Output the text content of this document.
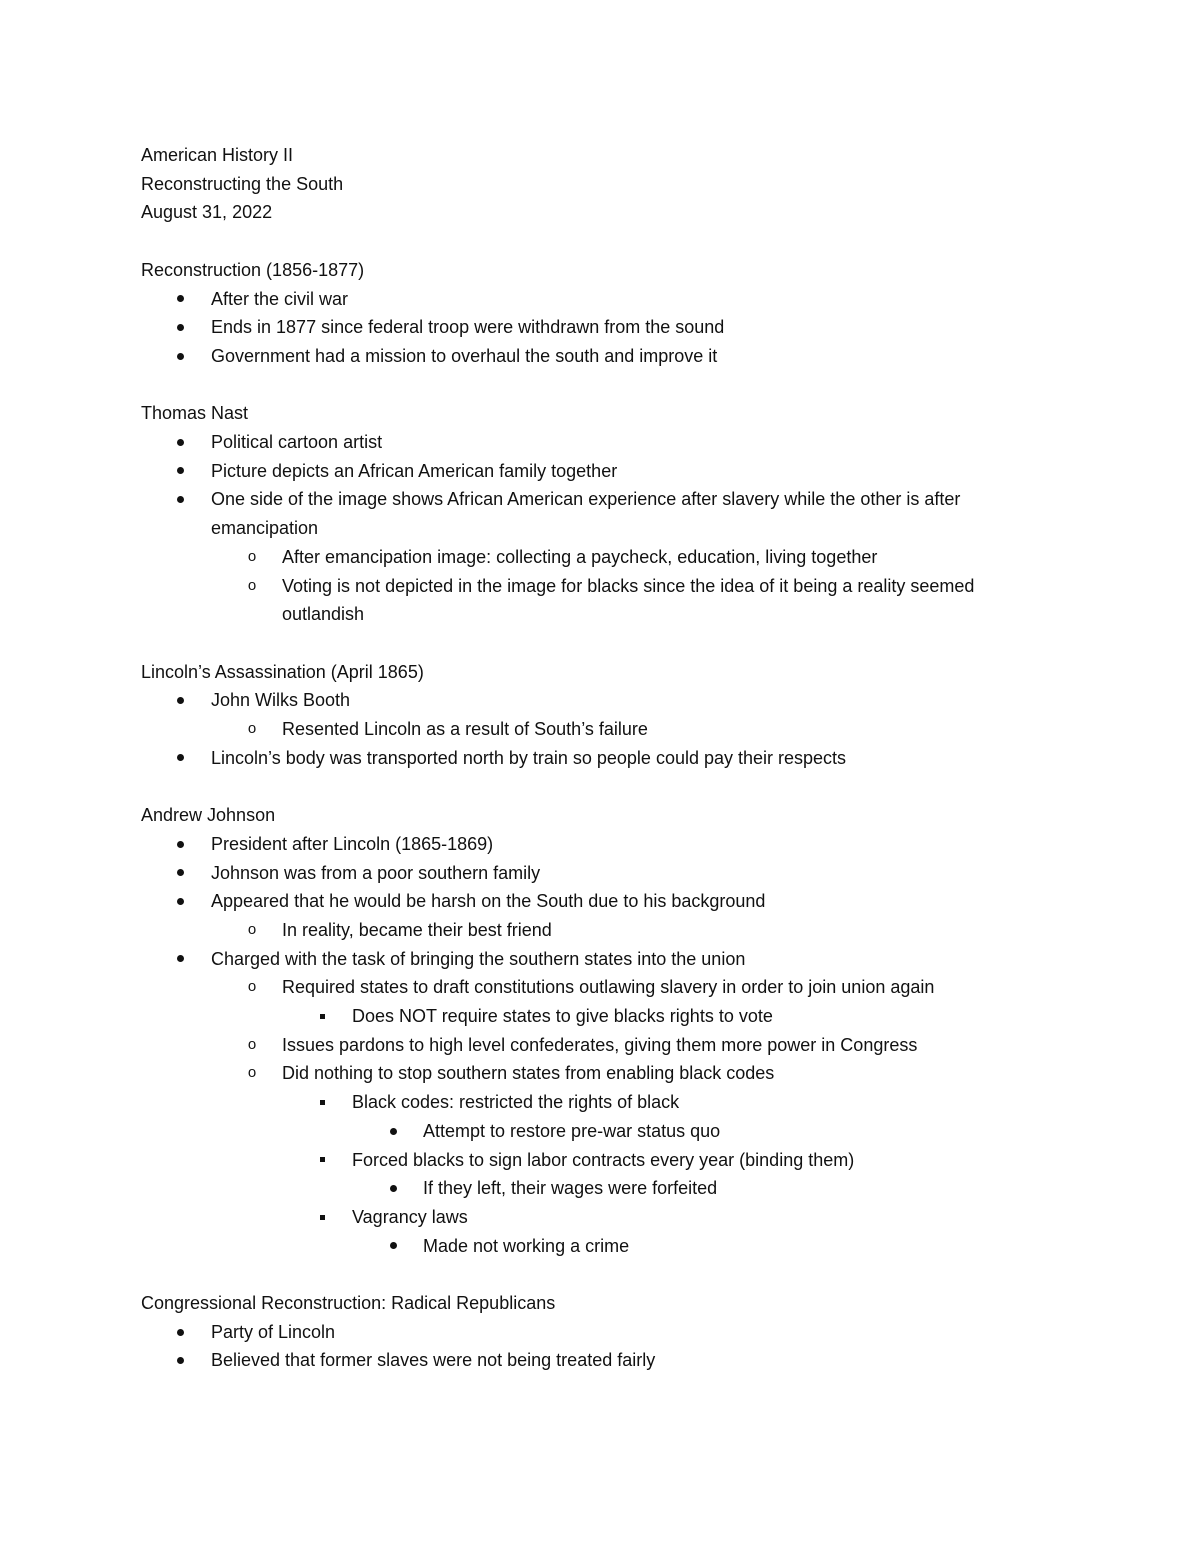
American History II
Reconstructing the South
August 31, 2022
Reconstruction (1856-1877)
After the civil war
Ends in 1877 since federal troop were withdrawn from the sound
Government had a mission to overhaul the south and improve it
Thomas Nast
Political cartoon artist
Picture depicts an African American family together
One side of the image shows African American experience after slavery while the other is after emancipation
o	After emancipation image: collecting a paycheck, education, living together
o	Voting is not depicted in the image for blacks since the idea of it being a reality seemed outlandish
Lincoln’s Assassination (April 1865)
John Wilks Booth
o	Resented Lincoln as a result of South’s failure
Lincoln’s body was transported north by train so people could pay their respects
Andrew Johnson
President after Lincoln (1865-1869)
Johnson was from a poor southern family
Appeared that he would be harsh on the South due to his background
o	In reality, became their best friend
Charged with the task of bringing the southern states into the union
o	Required states to draft constitutions outlawing slavery in order to join union again
Does NOT require states to give blacks rights to vote
o	Issues pardons to high level confederates, giving them more power in Congress
o	Did nothing to stop southern states from enabling black codes
Black codes: restricted the rights of black
Attempt to restore pre-war status quo
Forced blacks to sign labor contracts every year (binding them)
If they left, their wages were forfeited
Vagrancy laws
Made not working a crime
Congressional Reconstruction: Radical Republicans
Party of Lincoln
Believed that former slaves were not being treated fairly
